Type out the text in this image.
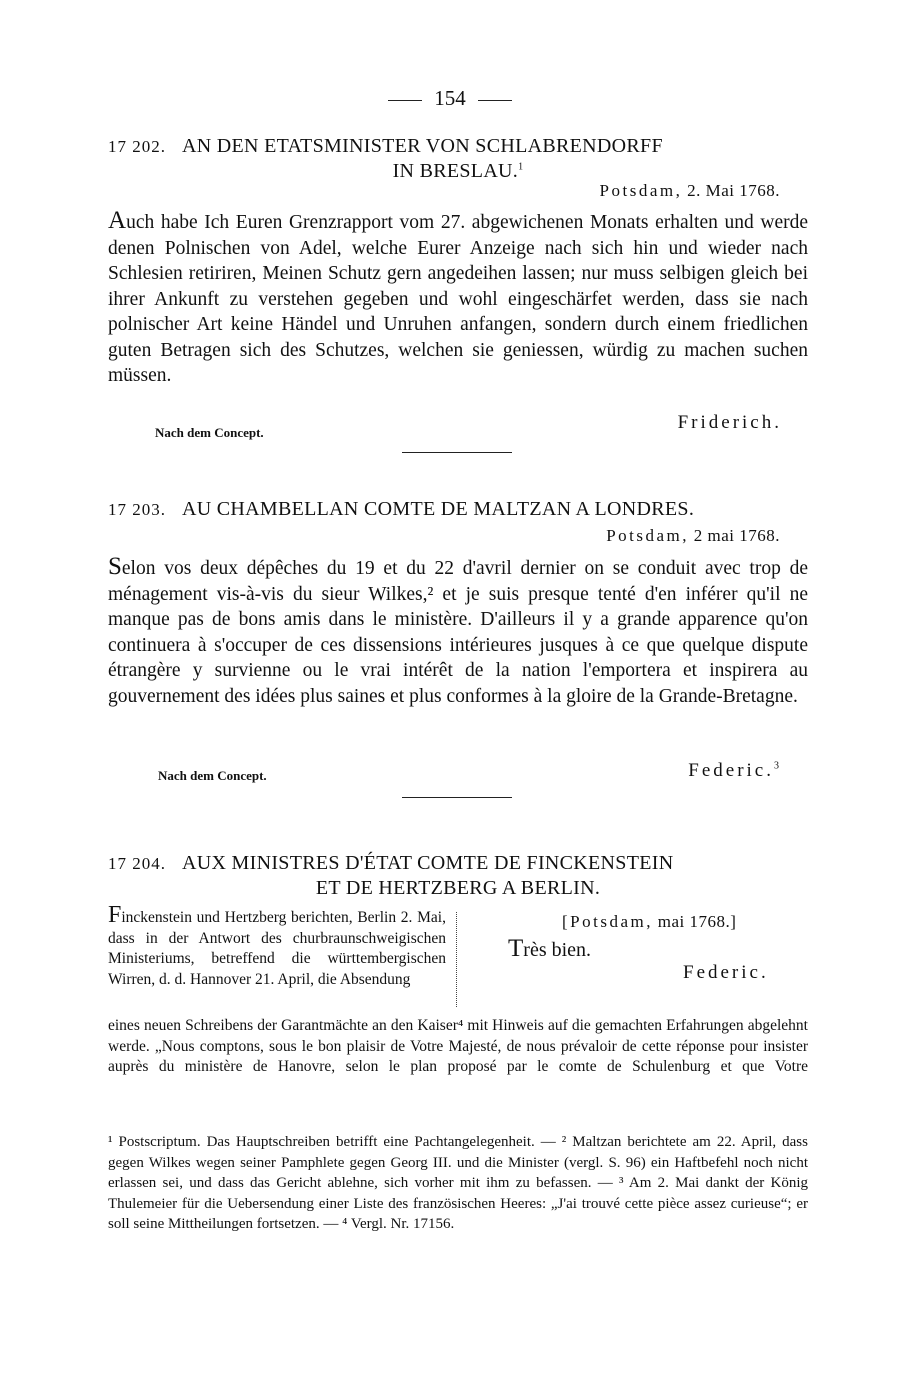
154
17 202. AN DEN ETATSMINISTER VON SCHLABRENDORFF
IN BRESLAU.$^1$
Potsdam, 2. Mai 1768.
Auch habe Ich Euren Grenzrapport vom 27. abgewichenen Monats erhalten und werde denen Polnischen von Adel, welche Eurer Anzeige nach sich hin und wieder nach Schlesien retiriren, Meinen Schutz gern angedeihen lassen; nur muss selbigen gleich bei ihrer Ankunft zu verstehen gegeben und wohl eingeschärfet werden, dass sie nach polnischer Art keine Händel und Unruhen anfangen, sondern durch einem friedlichen guten Betragen sich des Schutzes, welchen sie geniessen, würdig zu machen suchen müssen.
Nach dem Concept.	Friderich.
17 203. AU CHAMBELLAN COMTE DE MALTZAN A LONDRES.
Potsdam, 2 mai 1768.
Selon vos deux dépêches du 19 et du 22 d'avril dernier on se conduit avec trop de ménagement vis-à-vis du sieur Wilkes,² et je suis presque tenté d'en inférer qu'il ne manque pas de bons amis dans le ministère. D'ailleurs il y a grande apparence qu'on continuera à s'occuper de ces dissensions intérieures jusques à ce que quelque dispute étrangère y survienne ou le vrai intérêt de la nation l'emportera et inspirera au gouvernement des idées plus saines et plus conformes à la gloire de la Grande-Bretagne.
Nach dem Concept.	Federic.$^3$
17 204. AUX MINISTRES D'ÉTAT COMTE DE FINCKENSTEIN
ET DE HERTZBERG A BERLIN.
Finckenstein und Hertzberg berichten, Berlin 2. Mai, dass in der Antwort des churbraunschweigischen Ministeriums, betreffend die württembergischen Wirren, d. d. Hannover 21. April, die Absendung
[Potsdam, mai 1768.]
Très bien.
Federic.
eines neuen Schreibens der Garantmächte an den Kaiser⁴ mit Hinweis auf die gemachten Erfahrungen abgelehnt werde. „Nous comptons, sous le bon plaisir de Votre Majesté, de nous prévaloir de cette réponse pour insister auprès du ministère de Hanovre, selon le plan proposé par le comte de Schulenburg et que Votre
¹ Postscriptum. Das Hauptschreiben betrifft eine Pachtangelegenheit. — ² Maltzan berichtete am 22. April, dass gegen Wilkes wegen seiner Pamphlete gegen Georg III. und die Minister (vergl. S. 96) ein Haftbefehl noch nicht erlassen sei, und dass das Gericht ablehne, sich vorher mit ihm zu befassen. — ³ Am 2. Mai dankt der König Thulemeier für die Uebersendung einer Liste des französischen Heeres: „J'ai trouvé cette pièce assez curieuse“; er soll seine Mittheilungen fortsetzen. — ⁴ Vergl. Nr. 17156.
